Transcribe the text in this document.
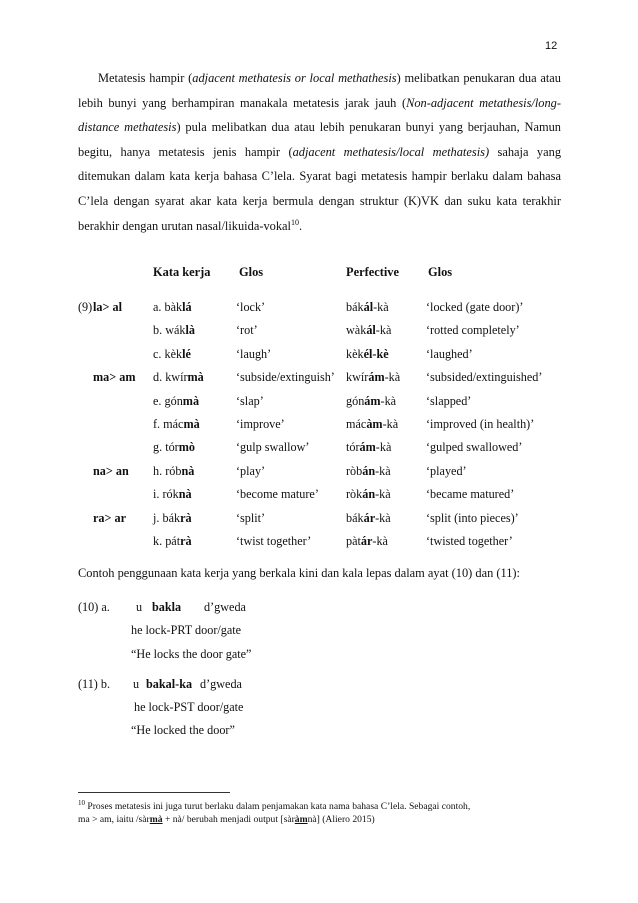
12
Metatesis hampir (adjacent methatesis or local methathesis) melibatkan penukaran dua atau lebih bunyi yang berhampiran manakala metatesis jarak jauh (Non-adjacent metathesis/long-distance methatesis) pula melibatkan dua atau lebih penukaran bunyi yang berjauhan, Namun begitu, hanya metatesis jenis hampir (adjacent methatesis/local methatesis) sahaja yang ditemukan dalam kata kerja bahasa C’lela. Syarat bagi metatesis hampir berlaku dalam bahasa C’lela dengan syarat akar kata kerja bermula dengan struktur (K)VK dan suku kata terakhir berakhir dengan urutan nasal/likuida-vokal$^{10}$.
Kata kerja Glos	Perfective Glos
(9) la> al	a. bàklá	‘lock’	bákál-kà	‘locked (gate door)’
b. wáklà	‘rot’	wàkál-kà	‘rotted completely’
c. kèklé	‘laugh’	kèkél-kè	‘laughed’
ma> am d. kwírmà	‘subside/extinguish’ kwírám-kà ‘subsided/extinguished’
e. gónmà	‘slap’	gónám-kà ‘slapped’
f. mácmà	‘improve’	mácàm-kà ‘improved (in health)’
g. tórmò	‘gulp swallow’	tórám-kà	‘gulped swallowed’
na> an h. róbnà	‘play’	ròbán-kà	‘played’
i. róknà	‘become mature’ ròkán-kà	‘became matured’
ra> ar j. bákrà	‘split’	bákár-kà	‘split (into pieces)’
k. pátrà	‘twist together’	pàtár-kà	‘twisted together’
Contoh penggunaan kata kerja yang berkala kini dan kala lepas dalam ayat (10) dan (11):
(10) a. u bakla d’gweda
he lock-PRT door/gate
“He locks the door gate”
(11) b. u bakal-ka d’gweda
he lock-PST door/gate
“He locked the door”
$^{10}$ Proses metatesis ini juga turut berlaku dalam penjamakan kata nama bahasa C’lela. Sebagai contoh,
ma > am, iaitu /sàrmà + nà/ berubah menjadi output [sàràmnà] (Aliero 2015)
